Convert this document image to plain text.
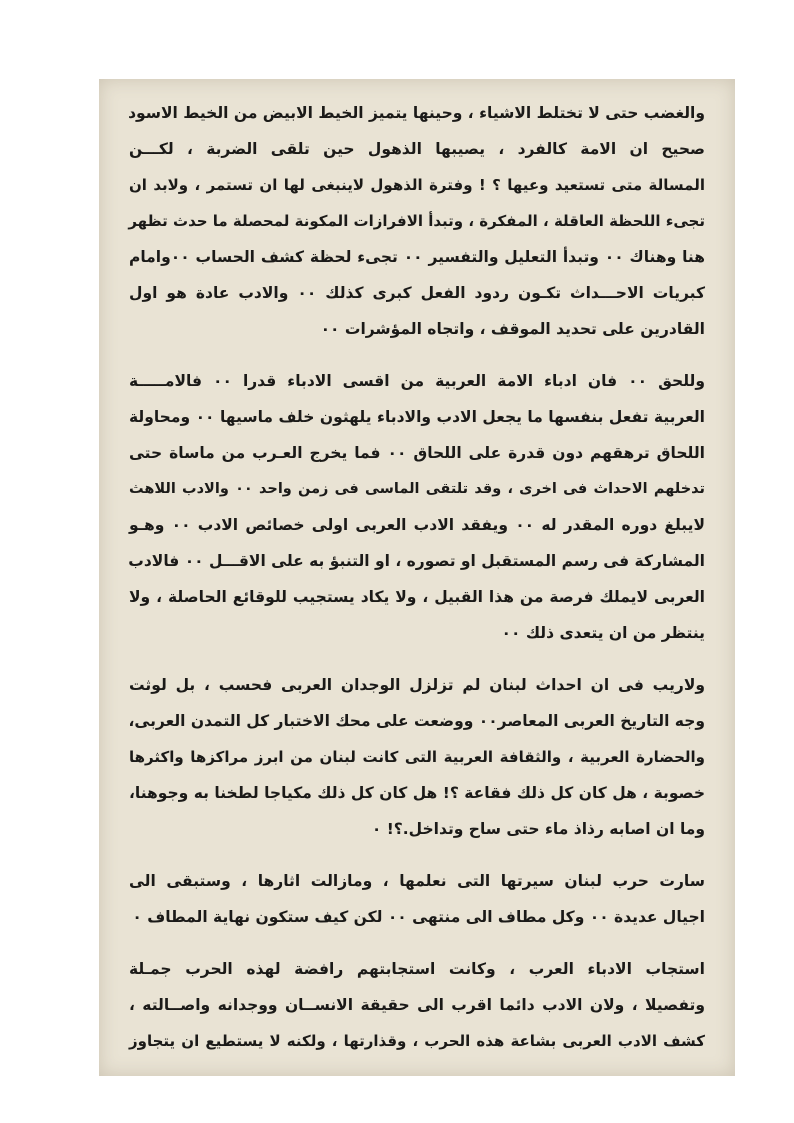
والغضب حتى لا تختلط الاشياء ، وحينها يتميز الخيط الابيض من الخيط الاسود
صحيح ان الامة كالفرد ، يصيبها الذهول حين تلقى الضربة ، لكـــن
المسالة متى تستعيد وعيها ؟ ! وفترة الذهول لاينبغى لها ان تستمر ، ولابد ان
تجىء اللحظة العاقلة ، المفكرة ، وتبدأ الافرازات المكونة لمحصلة ما حدث تظهر
هنا وهناك ٠٠ وتبدأ التعليل والتفسير ٠٠ تجىء لحظة كشف الحساب ٠٠وامام
كبريات الاحـــداث تكـون ردود الفعل كبرى كذلك ٠٠ والادب عادة هو اول
القادرين على تحديد الموقف ، واتجاه المؤشرات ٠٠
وللحق ٠٠ فان ادباء الامة العربية من اقسى الادباء قدرا ٠٠ فالامـــــة
العربية تفعل بنفسها ما يجعل الادب والادباء يلهثون خلف ماسيها ٠٠ ومحاولة
اللحاق ترهقهم دون قدرة على اللحاق ٠٠ فما يخرج العـرب من ماساة حتى
تدخلهم الاحداث فى اخرى ، وقد تلتقى الماسى فى زمن واحد ٠٠ والادب اللاهث
لايبلغ دوره المقدر له ٠٠ ويفقد الادب العربى اولى خصائص الادب ٠٠ وهـو
المشاركة فى رسم المستقبل او تصوره ، او التنبؤ به على الاقـــل ٠٠ فالادب
العربى لايملك فرصة من هذا القبيل ، ولا يكاد يستجيب للوقائع الحاصلة ، ولا
ينتظر من ان يتعدى ذلك ٠٠
ولاريب فى ان احداث لبنان لم تزلزل الوجدان العربى فحسب ، بل لوثت
وجه التاريخ العربى المعاصر٠٠ ووضعت على محك الاختبار كل التمدن العربى،
والحضارة العربية ، والثقافة العربية التى كانت لبنان من ابرز مراكزها واكثرها
خصوبة ، هل كان كل ذلك فقاعة ؟! هل كان كل ذلك مكياجا لطخنا به وجوهنا،
وما ان اصابه رذاذ ماء حتى ساح وتداخل.؟! ٠
سارت حرب لبنان سيرتها التى نعلمها ، ومازالت اثارها ، وستبقى الى
اجيال عديدة ٠٠ وكل مطاف الى منتهى ٠٠ لكن كيف ستكون نهاية المطاف ٠
استجاب الادباء العرب ، وكانت استجابتهم رافضة لهذه الحرب جمـلة
وتفصيلا ، ولان الادب دائما اقرب الى حقيقة الانســان ووجدانه واصــالته ،
كشف الادب العربى بشاعة هذه الحرب ، وقذارتها ، ولكنه لا يستطيع ان يتجاوز
